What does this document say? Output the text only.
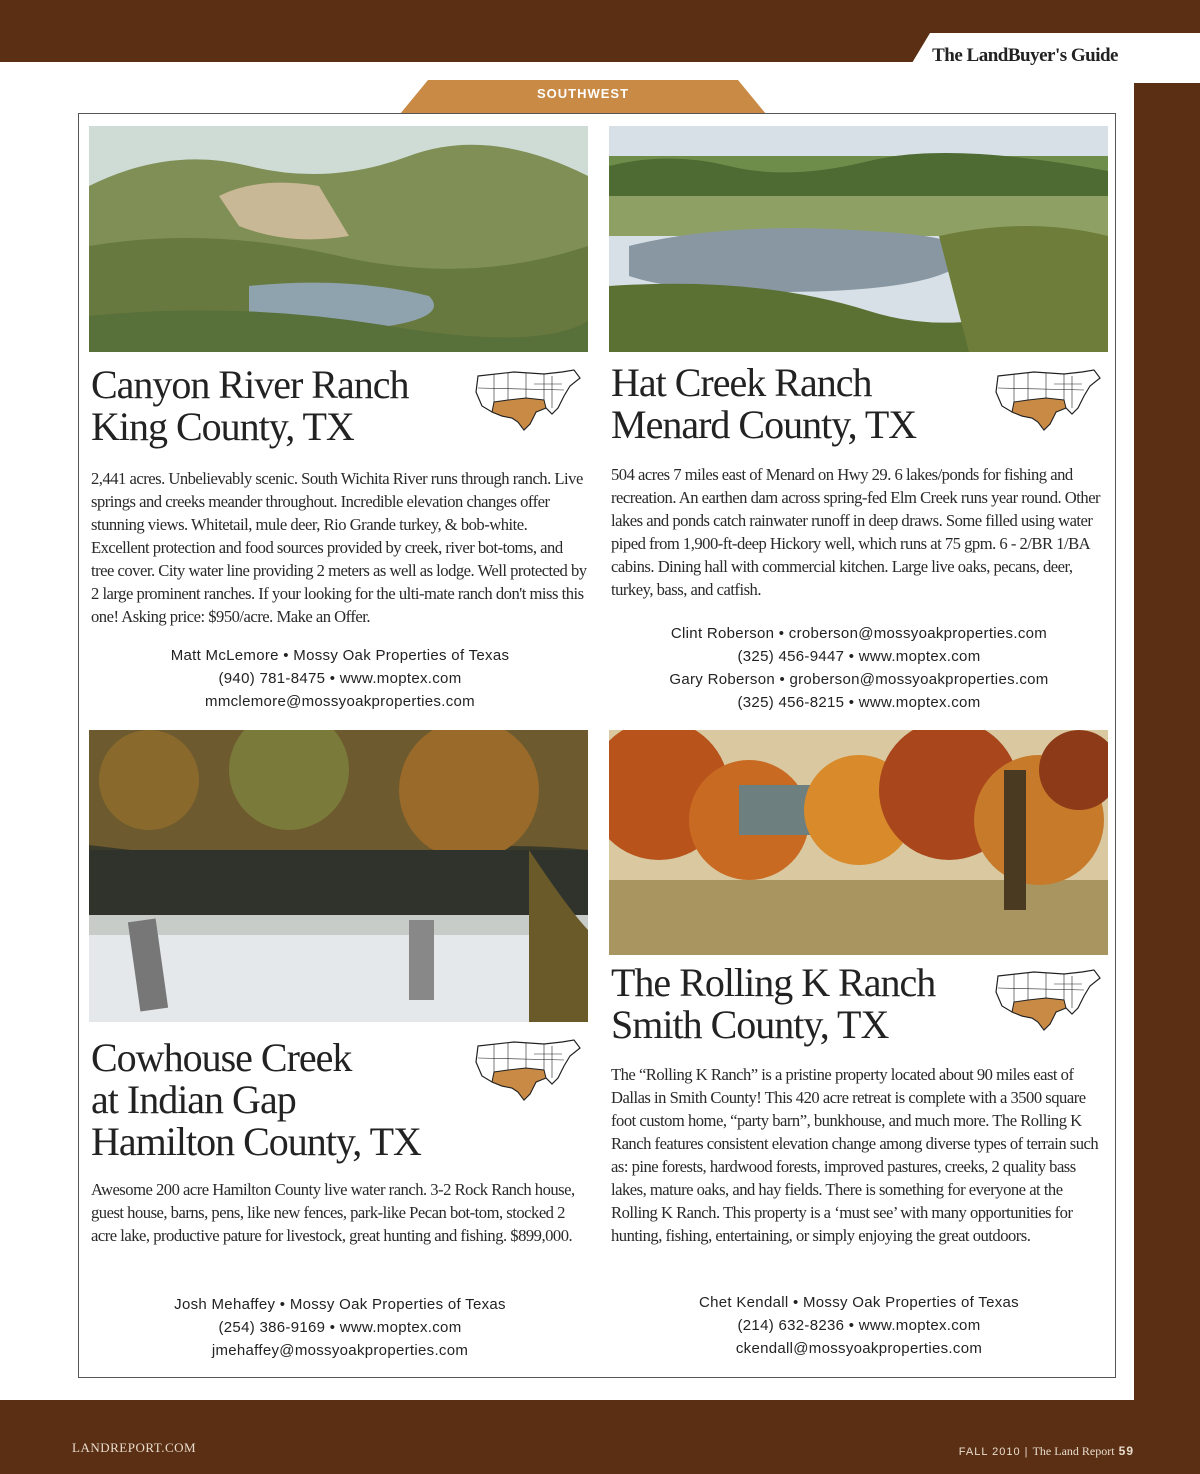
The LandBuyer's Guide
SOUTHWEST
Canyon River Ranch
King County, TX
2,441 acres. Unbelievably scenic. South Wichita River runs through ranch. Live springs and creeks meander throughout. Incredible elevation changes offer stunning views. Whitetail, mule deer, Rio Grande turkey, & bob-white. Excellent protection and food sources provided by creek, river bot-toms, and tree cover. City water line providing 2 meters as well as lodge. Well protected by 2 large prominent ranches. If your looking for the ulti-mate ranch don't miss this one! Asking price: $950/acre. Make an Offer.
Matt McLemore • Mossy Oak Properties of Texas
(940) 781-8475 • www.moptex.com
mmclemore@mossyoakproperties.com
Hat Creek Ranch
Menard County, TX
504 acres 7 miles east of Menard on Hwy 29. 6 lakes/ponds for fishing and recreation. An earthen dam across spring-fed Elm Creek runs year round. Other lakes and ponds catch rainwater runoff in deep draws. Some filled using water piped from 1,900-ft-deep Hickory well, which runs at 75 gpm. 6 - 2/BR 1/BA cabins. Dining hall with commercial kitchen. Large live oaks, pecans, deer, turkey, bass, and catfish.
Clint Roberson • croberson@mossyoakproperties.com
(325) 456-9447 • www.moptex.com
Gary Roberson • groberson@mossyoakproperties.com
(325) 456-8215 • www.moptex.com
Cowhouse Creek
at Indian Gap
Hamilton County, TX
Awesome 200 acre Hamilton County live water ranch. 3-2 Rock Ranch house, guest house, barns, pens, like new fences, park-like Pecan bot-tom, stocked 2 acre lake, productive pature for livestock, great hunting and fishing. $899,000.
Josh Mehaffey • Mossy Oak Properties of Texas
(254) 386-9169 • www.moptex.com
jmehaffey@mossyoakproperties.com
The Rolling K Ranch
Smith County, TX
The “Rolling K Ranch” is a pristine property located about 90 miles east of Dallas in Smith County! This 420 acre retreat is complete with a 3500 square foot custom home, “party barn”, bunkhouse, and much more. The Rolling K Ranch features consistent elevation change among diverse types of terrain such as: pine forests, hardwood forests, improved pastures, creeks, 2 quality bass lakes, mature oaks, and hay fields. There is something for everyone at the Rolling K Ranch. This property is a ‘must see’ with many opportunities for hunting, fishing, entertaining, or simply enjoying the great outdoors.
Chet Kendall • Mossy Oak Properties of Texas
(214) 632-8236 • www.moptex.com
ckendall@mossyoakproperties.com
LANDREPORT.COM	FALL 2010 | The Land Report 59
